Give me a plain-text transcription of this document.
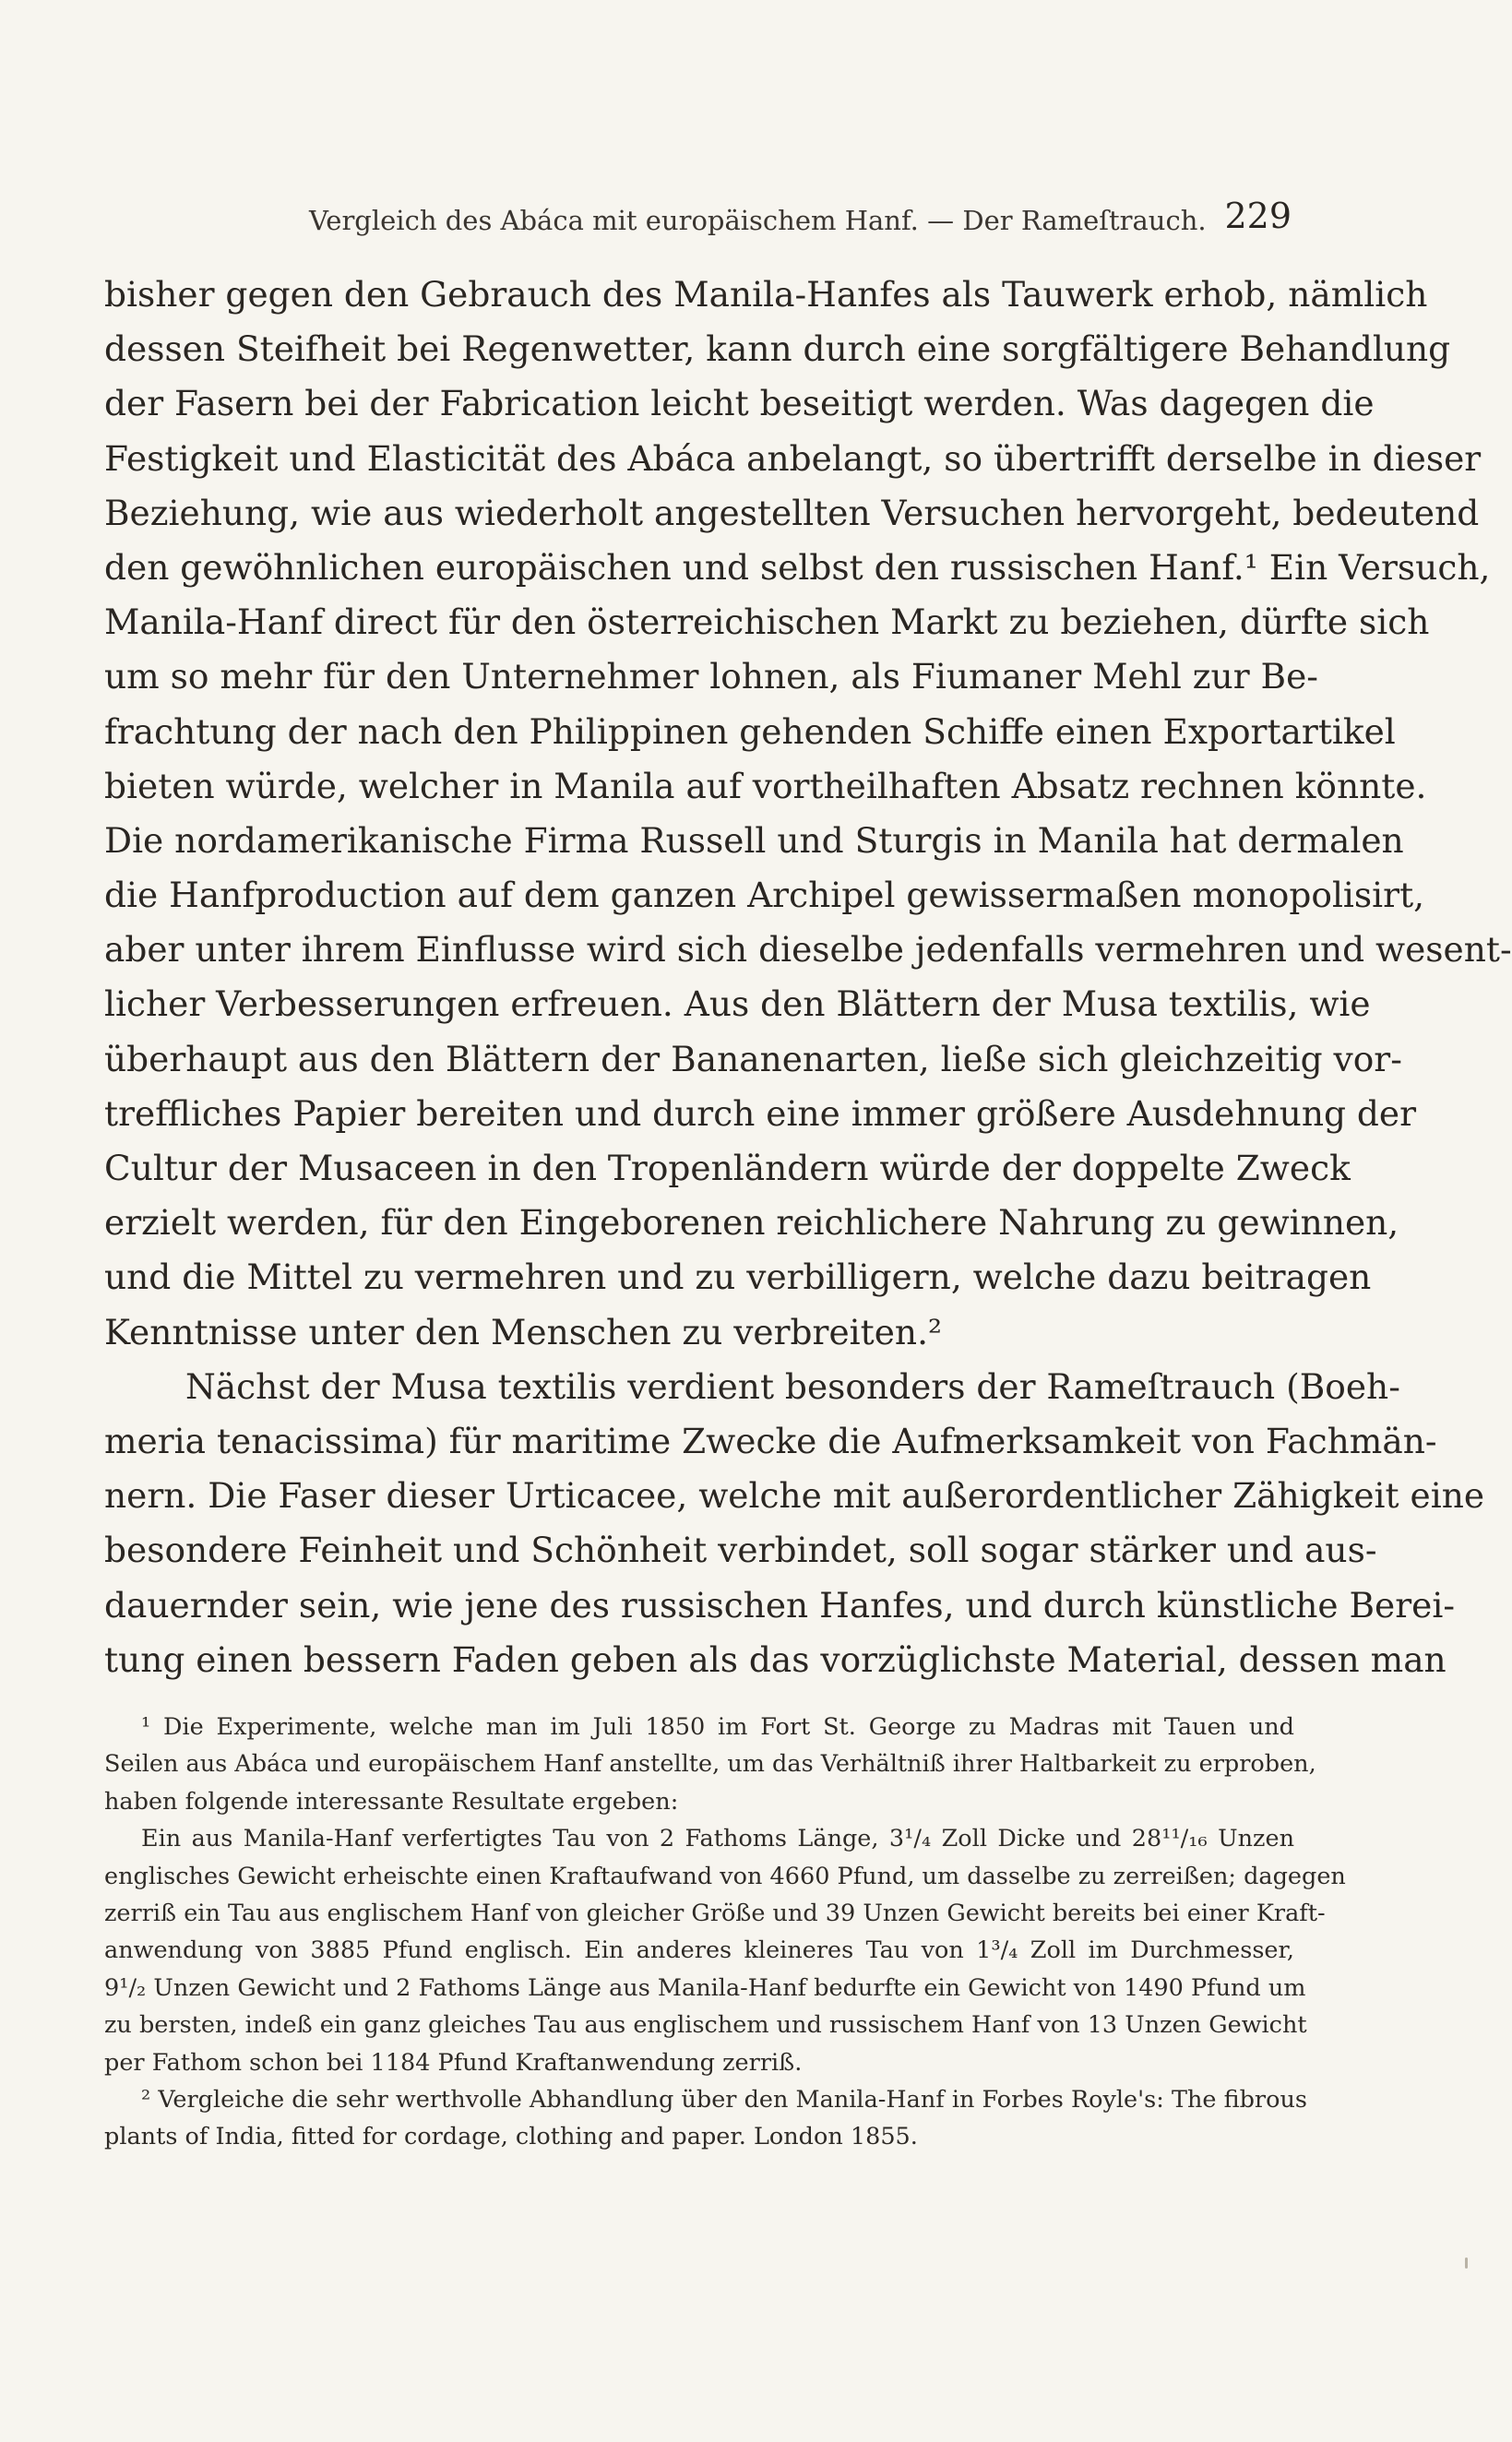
Vergleich des Abáca mit europäischem Hanf. — Der Rameſtrauch. 229
bisher gegen den Gebrauch des Manila-Hanfes als Tauwerk erhob, nämlich
dessen Steifheit bei Regenwetter, kann durch eine sorgfältigere Behandlung
der Fasern bei der Fabrication leicht beseitigt werden. Was dagegen die
Festigkeit und Elasticität des Abáca anbelangt, so übertrifft derselbe in dieser
Beziehung, wie aus wiederholt angestellten Versuchen hervorgeht, bedeutend
den gewöhnlichen europäischen und selbst den russischen Hanf.¹ Ein Versuch,
Manila-Hanf direct für den österreichischen Markt zu beziehen, dürfte sich
um so mehr für den Unternehmer lohnen, als Fiumaner Mehl zur Be-
frachtung der nach den Philippinen gehenden Schiffe einen Exportartikel
bieten würde, welcher in Manila auf vortheilhaften Absatz rechnen könnte.
Die nordamerikanische Firma Russell und Sturgis in Manila hat dermalen
die Hanfproduction auf dem ganzen Archipel gewissermaßen monopolisirt,
aber unter ihrem Einflusse wird sich dieselbe jedenfalls vermehren und wesent-
licher Verbesserungen erfreuen. Aus den Blättern der Musa textilis, wie
überhaupt aus den Blättern der Bananenarten, ließe sich gleichzeitig vor-
treffliches Papier bereiten und durch eine immer größere Ausdehnung der
Cultur der Musaceen in den Tropenländern würde der doppelte Zweck
erzielt werden, für den Eingeborenen reichlichere Nahrung zu gewinnen,
und die Mittel zu vermehren und zu verbilligern, welche dazu beitragen
Kenntnisse unter den Menschen zu verbreiten.²
Nächst der Musa textilis verdient besonders der Rameſtrauch (Boeh-
meria tenacissima) für maritime Zwecke die Aufmerksamkeit von Fachmän-
nern. Die Faser dieser Urticacee, welche mit außerordentlicher Zähigkeit eine
besondere Feinheit und Schönheit verbindet, soll sogar stärker und aus-
dauernder sein, wie jene des russischen Hanfes, und durch künstliche Berei-
tung einen bessern Faden geben als das vorzüglichste Material, dessen man
¹ Die Experimente, welche man im Juli 1850 im Fort St. George zu Madras mit Tauen und
Seilen aus Abáca und europäischem Hanf anstellte, um das Verhältniß ihrer Haltbarkeit zu erproben,
haben folgende interessante Resultate ergeben:
Ein aus Manila-Hanf verfertigtes Tau von 2 Fathoms Länge, 3¹/₄ Zoll Dicke und 28¹¹/₁₆ Unzen
englisches Gewicht erheischte einen Kraftaufwand von 4660 Pfund, um dasselbe zu zerreißen; dagegen
zerriß ein Tau aus englischem Hanf von gleicher Größe und 39 Unzen Gewicht bereits bei einer Kraft-
anwendung von 3885 Pfund englisch. Ein anderes kleineres Tau von 1³/₄ Zoll im Durchmesser,
9¹/₂ Unzen Gewicht und 2 Fathoms Länge aus Manila-Hanf bedurfte ein Gewicht von 1490 Pfund um
zu bersten, indeß ein ganz gleiches Tau aus englischem und russischem Hanf von 13 Unzen Gewicht
per Fathom schon bei 1184 Pfund Kraftanwendung zerriß.
² Vergleiche die sehr werthvolle Abhandlung über den Manila-Hanf in Forbes Royle's: The fibrous
plants of India, fitted for cordage, clothing and paper. London 1855.
